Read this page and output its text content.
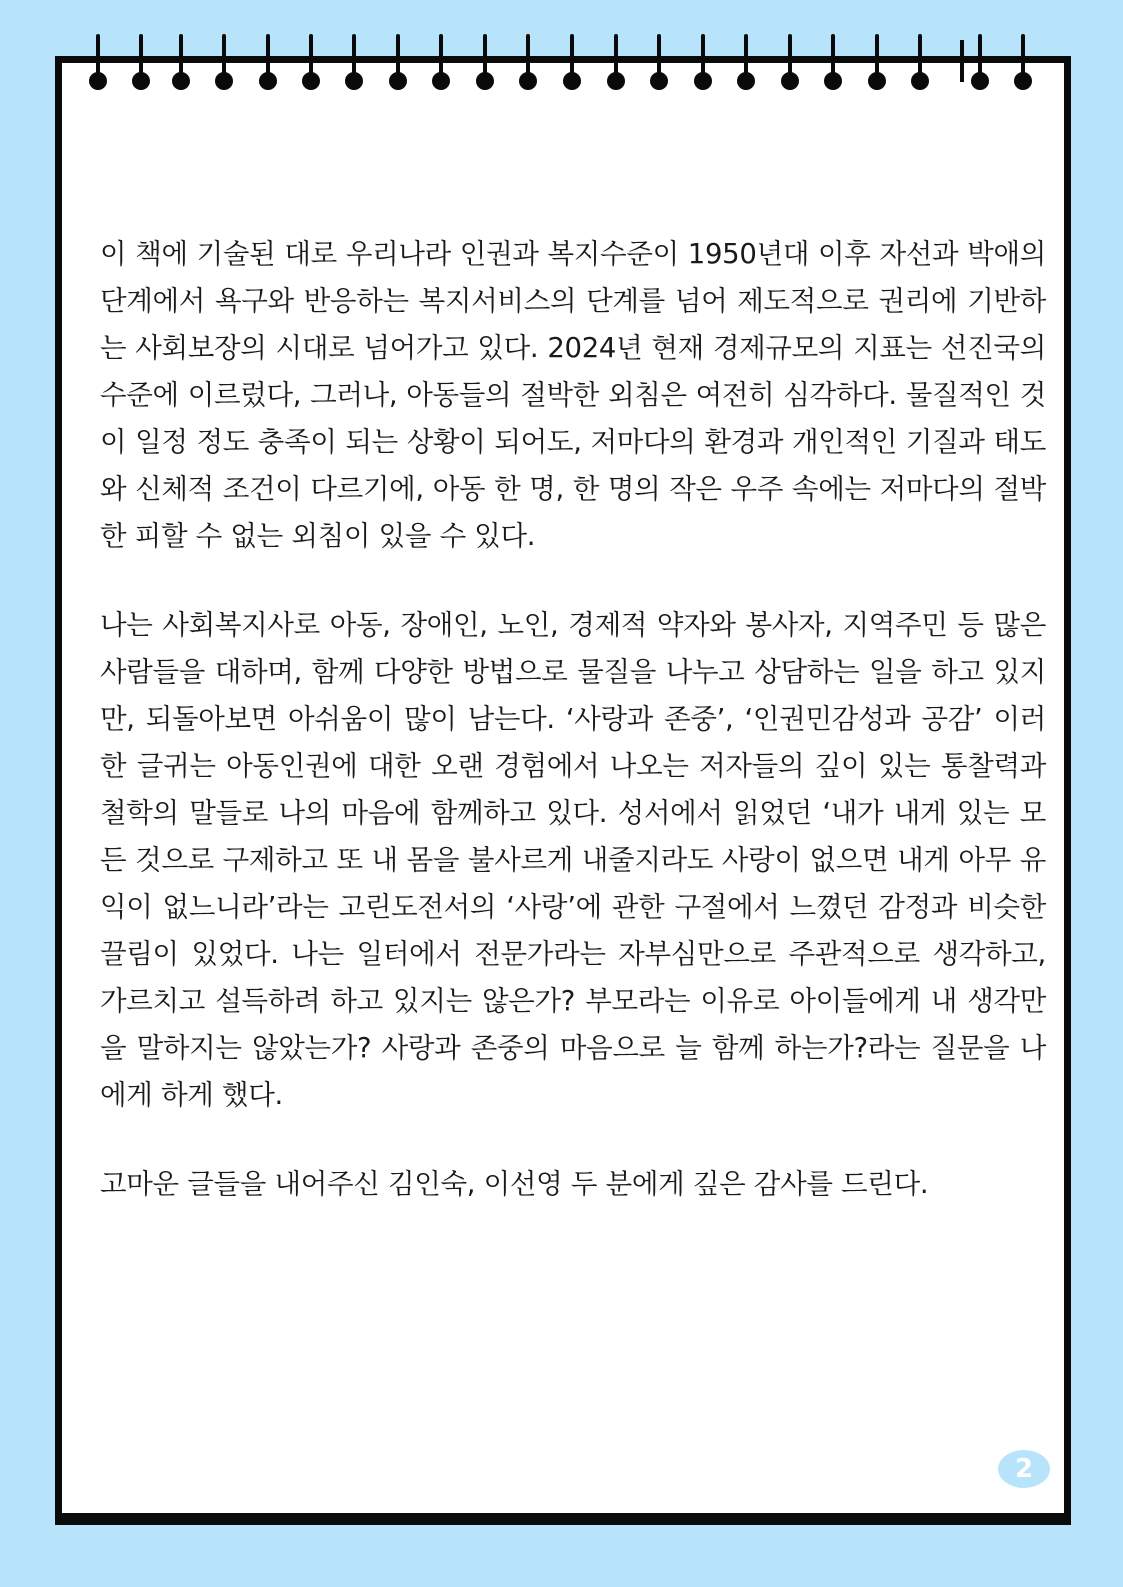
이 책에 기술된 대로 우리나라 인권과 복지수준이 1950년대 이후 자선과 박애의 단계에서 욕구와 반응하는 복지서비스의 단계를 넘어 제도적으로 권리에 기반하는 사회보장의 시대로 넘어가고 있다. 2024년 현재 경제규모의 지표는 선진국의 수준에 이르렀다, 그러나, 아동들의 절박한 외침은 여전히 심각하다. 물질적인 것이 일정 정도 충족이 되는 상황이 되어도, 저마다의 환경과 개인적인 기질과 태도와 신체적 조건이 다르기에, 아동 한 명, 한 명의 작은 우주 속에는 저마다의 절박한 피할 수 없는 외침이 있을 수 있다.

나는 사회복지사로 아동, 장애인, 노인, 경제적 약자와 봉사자, 지역주민 등 많은 사람들을 대하며, 함께 다양한 방법으로 물질을 나누고 상담하는 일을 하고 있지만, 되돌아보면 아쉬움이 많이 남는다. ‘사랑과 존중’, ‘인권민감성과 공감’ 이러한 글귀는 아동인권에 대한 오랜 경험에서 나오는 저자들의 깊이 있는 통찰력과 철학의 말들로 나의 마음에 함께하고 있다. 성서에서 읽었던 ‘내가 내게 있는 모든 것으로 구제하고 또 내 몸을 불사르게 내줄지라도 사랑이 없으면 내게 아무 유익이 없느니라’라는 고린도전서의 ‘사랑’에 관한 구절에서 느꼈던 감정과 비슷한 끌림이 있었다. 나는 일터에서 전문가라는 자부심만으로 주관적으로 생각하고, 가르치고 설득하려 하고 있지는 않은가? 부모라는 이유로 아이들에게 내 생각만을 말하지는 않았는가? 사랑과 존중의 마음으로 늘 함께 하는가?라는 질문을 나에게 하게 했다.

고마운 글들을 내어주신 김인숙, 이선영 두 분에게 깊은 감사를 드린다.

2
